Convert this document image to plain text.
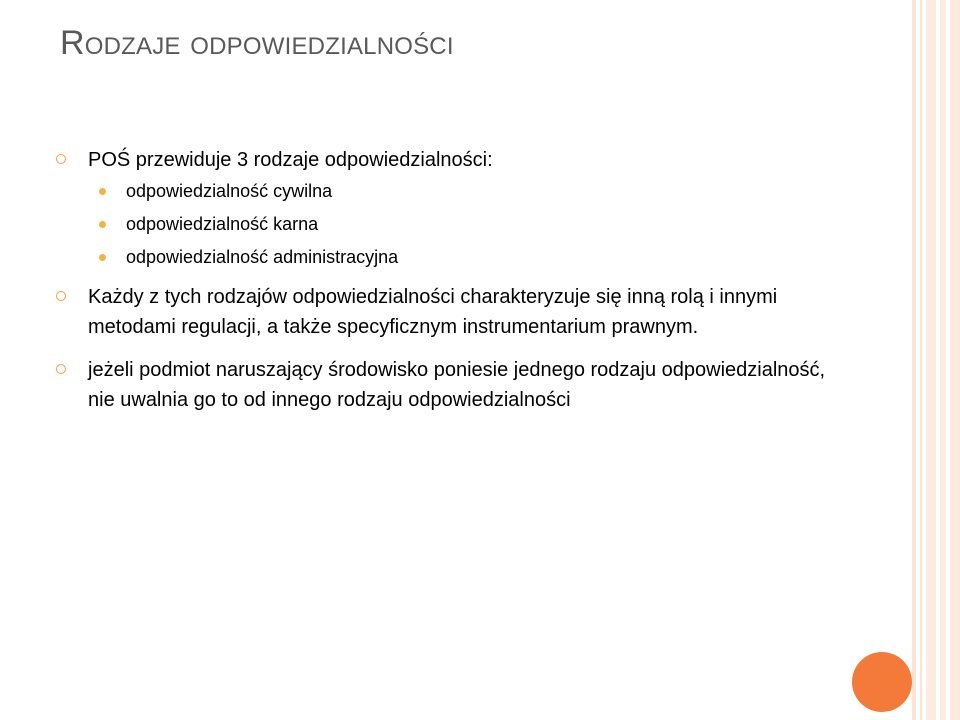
Rodzaje odpowiedzialności
POŚ przewiduje 3 rodzaje odpowiedzialności:
odpowiedzialność cywilna
odpowiedzialność karna
odpowiedzialność administracyjna
Każdy z tych rodzajów odpowiedzialności charakteryzuje się inną rolą i innymi metodami regulacji, a także specyficznym instrumentarium prawnym.
jeżeli podmiot naruszający środowisko poniesie jednego rodzaju odpowiedzialność, nie uwalnia go to od innego rodzaju odpowiedzialności
